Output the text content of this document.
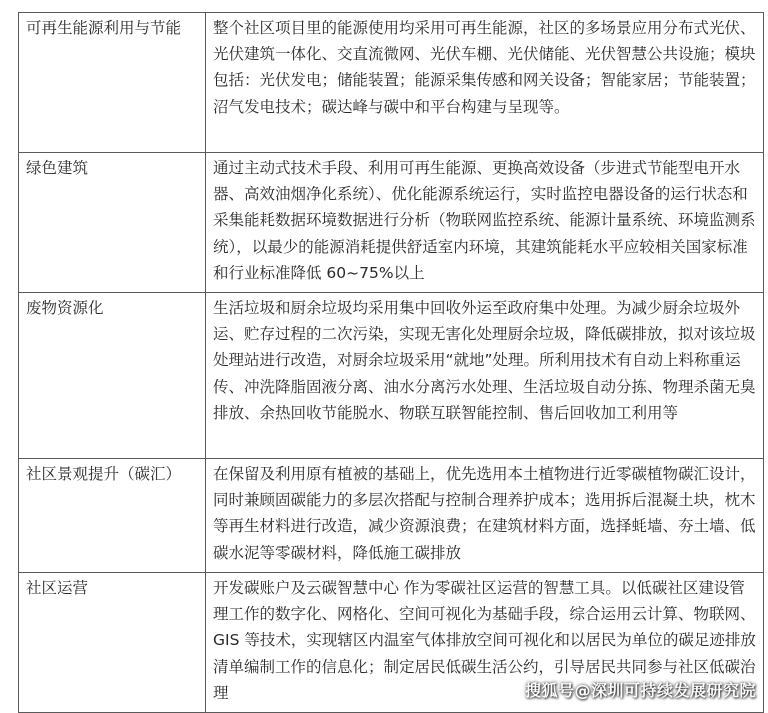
可再生能源利用与节能	整个社区项目里的能源使用均采用可再生能源，社区的多场景应用分布式光伏、光伏建筑一体化、交直流微网、光伏车棚、光伏储能、光伏智慧公共设施；模块包括：光伏发电；储能装置；能源采集传感和网关设备；智能家居；节能装置；沼气发电技术；碳达峰与碳中和平台构建与呈现等。
绿色建筑	通过主动式技术手段、利用可再生能源、更换高效设备（步进式节能型电开水器、高效油烟净化系统）、优化能源系统运行，实时监控电器设备的运行状态和采集能耗数据环境数据进行分析（物联网监控系统、能源计量系统、环境监测系统），以最少的能源消耗提供舒适室内环境，其建筑能耗水平应较相关国家标准和行业标准降低 60~75%以上
废物资源化	生活垃圾和厨余垃圾均采用集中回收外运至政府集中处理。为减少厨余垃圾外运、贮存过程的二次污染，实现无害化处理厨余垃圾，降低碳排放，拟对该垃圾处理站进行改造，对厨余垃圾采用“就地”处理。所利用技术有自动上料称重运传、冲洗降脂固液分离、油水分离污水处理、生活垃圾自动分拣、物理杀菌无臭排放、余热回收节能脱水、物联互联智能控制、售后回收加工利用等
社区景观提升（碳汇）	在保留及利用原有植被的基础上，优先选用本土植物进行近零碳植物碳汇设计，同时兼顾固碳能力的多层次搭配与控制合理养护成本；选用拆后混凝土块，枕木等再生材料进行改造，减少资源浪费；在建筑材料方面，选择蚝墙、夯土墙、低碳水泥等零碳材料，降低施工碳排放
社区运营	开发碳账户及云碳智慧中心 作为零碳社区运营的智慧工具。以低碳社区建设管理工作的数字化、网格化、空间可视化为基础手段，综合运用云计算、物联网、GIS 等技术，实现辖区内温室气体排放空间可视化和以居民为单位的碳足迹排放清单编制工作的信息化；制定居民低碳生活公约，引导居民共同参与社区低碳治理	搜狐号@深圳可持续发展研究院
